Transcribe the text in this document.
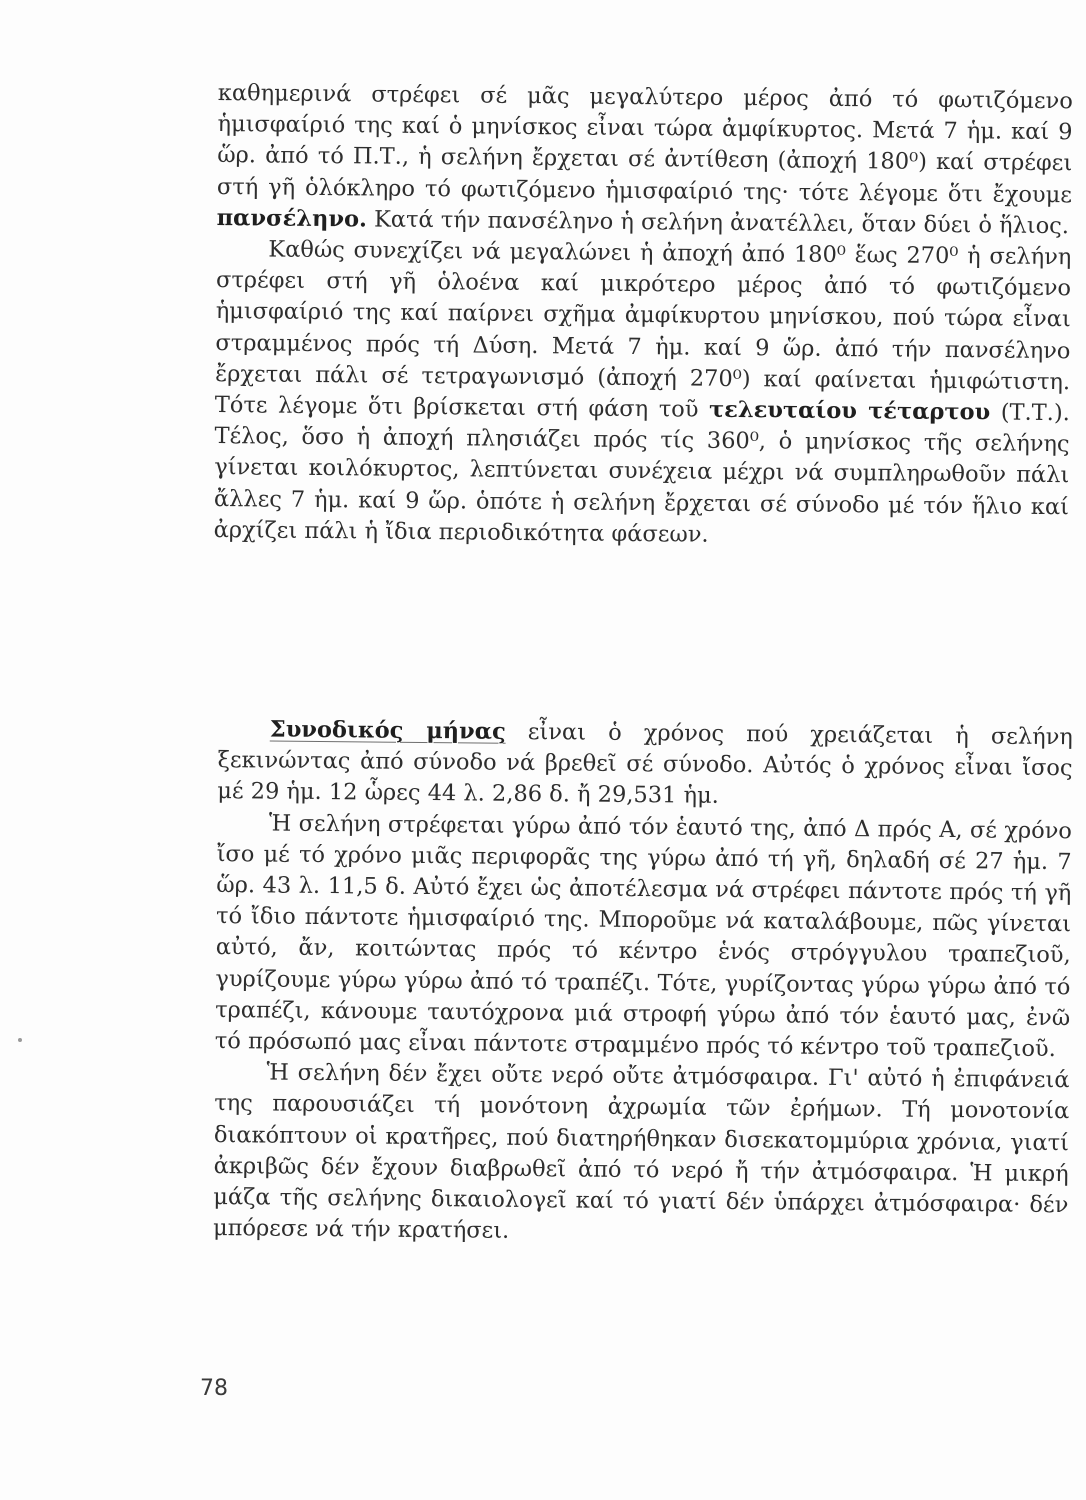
καθημερινά στρέφει σέ μᾶς μεγαλύτερο μέρος ἀπό τό φωτιζόμενο ἡμισφαίριό της καί ὁ μηνίσκος εἶναι τώρα ἀμφίκυρτος. Μετά 7 ἡμ. καί 9 ὥρ. ἀπό τό Π.Τ., ἡ σελήνη ἔρχεται σέ ἀντίθεση (ἀποχή 180⁰) καί στρέφει στή γῆ ὁλόκληρο τό φωτιζόμενο ἡμισφαίριό της· τότε λέγομε ὅτι ἔχουμε πανσέληνο. Κατά τήν πανσέληνο ἡ σελήνη ἀνατέλλει, ὅταν δύει ὁ ἥλιος.

Καθώς συνεχίζει νά μεγαλώνει ἡ ἀποχή ἀπό 180⁰ ἕως 270⁰ ἡ σελήνη στρέφει στή γῆ ὁλοένα καί μικρότερο μέρος ἀπό τό φωτιζόμενο ἡμισφαίριό της καί παίρνει σχῆμα ἀμφίκυρτου μηνίσκου, πού τώρα εἶναι στραμμένος πρός τή Δύση. Μετά 7 ἡμ. καί 9 ὥρ. ἀπό τήν πανσέληνο ἔρχεται πάλι σέ τετραγωνισμό (ἀποχή 270⁰) καί φαίνεται ἡμιφώτιστη. Τότε λέγομε ὅτι βρίσκεται στή φάση τοῦ τελευταίου τέταρτου (Τ.Τ.). Τέλος, ὅσο ἡ ἀποχή πλησιάζει πρός τίς 360⁰, ὁ μηνίσκος τῆς σελήνης γίνεται κοιλόκυρτος, λεπτύνεται συνέχεια μέχρι νά συμπληρωθοῦν πάλι ἄλλες 7 ἡμ. καί 9 ὥρ. ὁπότε ἡ σελήνη ἔρχεται σέ σύνοδο μέ τόν ἥλιο καί ἀρχίζει πάλι ἡ ἴδια περιοδικότητα φάσεων.

Συνοδικός μήνας εἶναι ὁ χρόνος πού χρειάζεται ἡ σελήνη ξεκινώντας ἀπό σύνοδο νά βρεθεῖ σέ σύνοδο. Αὐτός ὁ χρόνος εἶναι ἴσος μέ 29 ἡμ. 12 ὧρες 44 λ. 2,86 δ. ἤ 29,531 ἡμ.

Ἡ σελήνη στρέφεται γύρω ἀπό τόν ἑαυτό της, ἀπό Δ πρός Α, σέ χρόνο ἴσο μέ τό χρόνο μιᾶς περιφορᾶς της γύρω ἀπό τή γῆ, δηλαδή σέ 27 ἡμ. 7 ὥρ. 43 λ. 11,5 δ. Αὐτό ἔχει ὡς ἀποτέλεσμα νά στρέφει πάντοτε πρός τή γῆ τό ἴδιο πάντοτε ἡμισφαίριό της. Μποροῦμε νά καταλάβουμε, πῶς γίνεται αὐτό, ἄν, κοιτώντας πρός τό κέντρο ἑνός στρόγγυλου τραπεζιοῦ, γυρίζουμε γύρω γύρω ἀπό τό τραπέζι. Τότε, γυρίζοντας γύρω γύρω ἀπό τό τραπέζι, κάνουμε ταυτόχρονα μιά στροφή γύρω ἀπό τόν ἑαυτό μας, ἐνῶ τό πρόσωπό μας εἶναι πάντοτε στραμμένο πρός τό κέντρο τοῦ τραπεζιοῦ.

Ἡ σελήνη δέν ἔχει οὔτε νερό οὔτε ἀτμόσφαιρα. Γι' αὐτό ἡ ἐπιφάνειά της παρουσιάζει τή μονότονη ἀχρωμία τῶν ἐρήμων. Τή μονοτονία διακόπτουν οἱ κρατῆρες, πού διατηρήθηκαν δισεκατομμύρια χρόνια, γιατί ἀκριβῶς δέν ἔχουν διαβρωθεῖ ἀπό τό νερό ἤ τήν ἀτμόσφαιρα. Ἡ μικρή μάζα τῆς σελήνης δικαιολογεῖ καί τό γιατί δέν ὑπάρχει ἀτμόσφαιρα· δέν μπόρεσε νά τήν κρατήσει.

78
